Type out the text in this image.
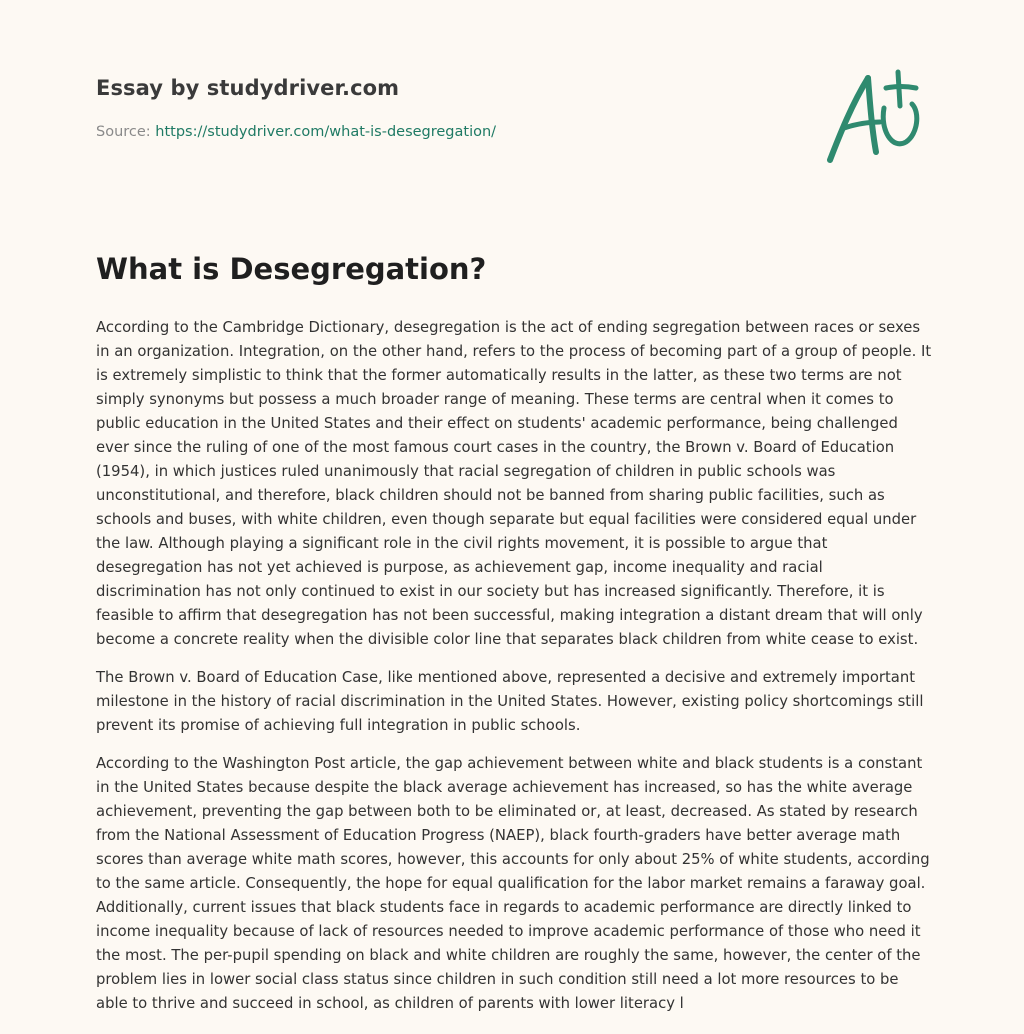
Essay by studydriver.com
Source: https://studydriver.com/what-is-desegregation/
What is Desegregation?

According to the Cambridge Dictionary, desegregation is the act of ending segregation between races or sexes in an organization. Integration, on the other hand, refers to the process of becoming part of a group of people. It is extremely simplistic to think that the former automatically results in the latter, as these two terms are not simply synonyms but possess a much broader range of meaning. These terms are central when it comes to public education in the United States and their effect on students' academic performance, being challenged ever since the ruling of one of the most famous court cases in the country, the Brown v. Board of Education (1954), in which justices ruled unanimously that racial segregation of children in public schools was unconstitutional, and therefore, black children should not be banned from sharing public facilities, such as schools and buses, with white children, even though separate but equal facilities were considered equal under the law. Although playing a significant role in the civil rights movement, it is possible to argue that desegregation has not yet achieved is purpose, as achievement gap, income inequality and racial discrimination has not only continued to exist in our society but has increased significantly. Therefore, it is feasible to affirm that desegregation has not been successful, making integration a distant dream that will only become a concrete reality when the divisible color line that separates black children from white cease to exist.

The Brown v. Board of Education Case, like mentioned above, represented a decisive and extremely important milestone in the history of racial discrimination in the United States. However, existing policy shortcomings still prevent its promise of achieving full integration in public schools.

According to the Washington Post article, the gap achievement between white and black students is a constant in the United States because despite the black average achievement has increased, so has the white average achievement, preventing the gap between both to be eliminated or, at least, decreased. As stated by research from the National Assessment of Education Progress (NAEP), black fourth-graders have better average math scores than average white math scores, however, this accounts for only about 25% of white students, according to the same article. Consequently, the hope for equal qualification for the labor market remains a faraway goal. Additionally, current issues that black students face in regards to academic performance are directly linked to income inequality because of lack of resources needed to improve academic performance of those who need it the most. The per-pupil spending on black and white children are roughly the same, however, the center of the problem lies in lower social class status since children in such condition still need a lot more resources to be able to thrive and succeed in school, as children of parents with lower literacy l
